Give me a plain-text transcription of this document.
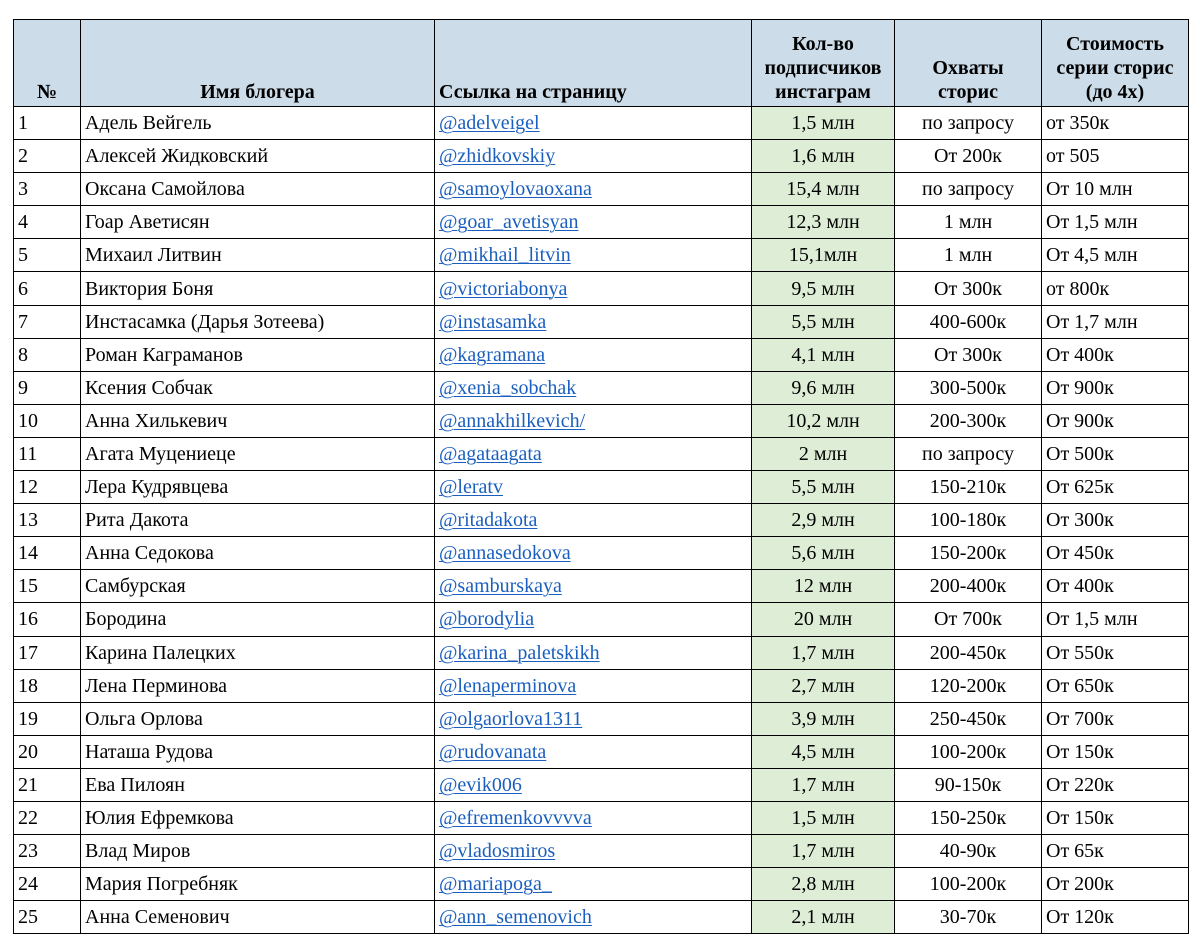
№	Имя блогера	Ссылка на страницу	Кол-во
подписчиков
инстаграм	Охваты
сторис	Стоимость
серии сторис
(до 4х)
1	Адель Вейгель	@adelveigel	1,5 млн	по запросу	от 350к
2	Алексей Жидковский	@zhidkovskiy	1,6 млн	От 200к	от 505
3	Оксана Самойлова	@samoylovaoxana	15,4 млн	по запросу	От 10 млн
4	Гоар Аветисян	@goar_avetisyan	12,3 млн	1 млн	От 1,5 млн
5	Михаил Литвин	@mikhail_litvin	15,1млн	1 млн	От 4,5 млн
6	Виктория Боня	@victoriabonya	9,5 млн	От 300к	от 800к
7	Инстасамка (Дарья Зотеева)	@instasamka	5,5 млн	400-600к	От 1,7 млн
8	Роман Каграманов	@kagramana	4,1 млн	От 300к	От 400к
9	Ксения Собчак	@xenia_sobchak	9,6 млн	300-500к	От 900к
10	Анна Хилькевич	@annakhilkevich/	10,2 млн	200-300к	От 900к
11	Агата Муцениеце	@agataagata	2 млн	по запросу	От 500к
12	Лера Кудрявцева	@leratv	5,5 млн	150-210к	От 625к
13	Рита Дакота	@ritadakota	2,9 млн	100-180к	От 300к
14	Анна Седокова	@annasedokova	5,6 млн	150-200к	От 450к
15	Самбурская	@samburskaya	12 млн	200-400к	От 400к
16	Бородина	@borodylia	20 млн	От 700к	От 1,5 млн
17	Карина Палецких	@karina_paletskikh	1,7 млн	200-450к	От 550к
18	Лена Перминова	@lenaperminova	2,7 млн	120-200к	От 650к
19	Ольга Орлова	@olgaorlova1311	3,9 млн	250-450к	От 700к
20	Наташа Рудова	@rudovanata	4,5 млн	100-200к	От 150к
21	Ева Пилоян	@evik006	1,7 млн	90-150к	От 220к
22	Юлия Ефремкова	@efremenkovvvva	1,5 млн	150-250к	От 150к
23	Влад Миров	@vladosmiros	1,7 млн	40-90к	От 65к
24	Мария Погребняк	@mariapoga_	2,8 млн	100-200к	От 200к
25	Анна Семенович	@ann_semenovich	2,1 млн	30-70к	От 120к
